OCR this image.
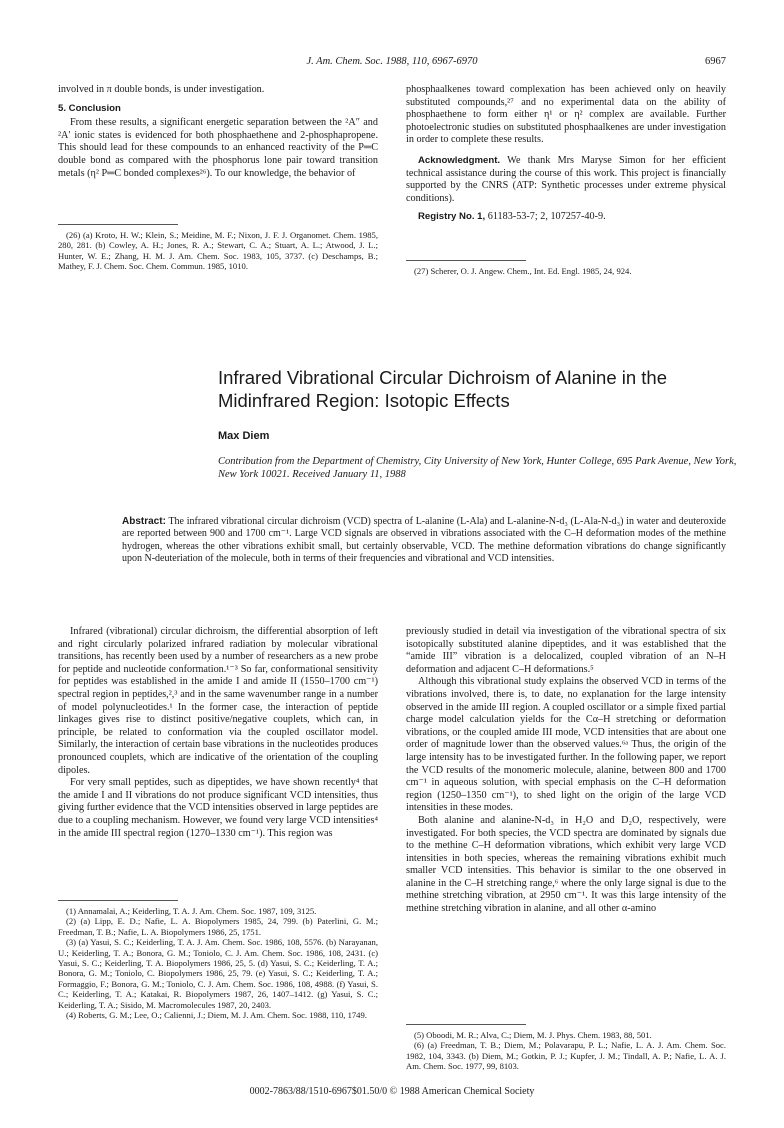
J. Am. Chem. Soc. 1988, 110, 6967-6970	6967

involved in π double bonds, is under investigation.

5. Conclusion

From these results, a significant energetic separation between the ²A″ and ²A′ ionic states is evidenced for both phosphaethene and 2-phosphapropene. This should lead for these compounds to an enhanced reactivity of the P═C double bond as compared with the phosphorus lone pair toward transition metals (η² P═C bonded complexes²⁶). To our knowledge, the behavior of

(26) (a) Kroto, H. W.; Klein, S.; Meidine, M. F.; Nixon, J. F. J. Organomet. Chem. 1985, 280, 281. (b) Cowley, A. H.; Jones, R. A.; Stewart, C. A.; Stuart, A. L.; Atwood, J. L.; Hunter, W. E.; Zhang, H. M. J. Am. Chem. Soc. 1983, 105, 3737. (c) Deschamps, B.; Mathey, F. J. Chem. Soc. Chem. Commun. 1985, 1010.

phosphaalkenes toward complexation has been achieved only on heavily substituted compounds,²⁷ and no experimental data on the ability of phosphaethene to form either η¹ or η² complex are available. Further photoelectronic studies on substituted phosphaalkenes are under investigation in order to complete these results.

Acknowledgment. We thank Mrs Maryse Simon for her efficient technical assistance during the course of this work. This project is financially supported by the CNRS (ATP: Synthetic processes under extreme physical conditions).

Registry No. 1, 61183-53-7; 2, 107257-40-9.

(27) Scherer, O. J. Angew. Chem., Int. Ed. Engl. 1985, 24, 924.

Infrared Vibrational Circular Dichroism of Alanine in the Midinfrared Region: Isotopic Effects
Max Diem
Contribution from the Department of Chemistry, City University of New York, Hunter College, 695 Park Avenue, New York, New York 10021. Received January 11, 1988
Abstract: The infrared vibrational circular dichroism (VCD) spectra of L-alanine (L-Ala) and L-alanine-N-d₃ (L-Ala-N-d₃) in water and deuteroxide are reported between 900 and 1700 cm⁻¹. Large VCD signals are observed in vibrations associated with the C–H deformation modes of the methine hydrogen, whereas the other vibrations exhibit small, but certainly observable, VCD. The methine deformation vibrations do change significantly upon N-deuteriation of the molecule, both in terms of their frequencies and vibrational and VCD intensities.

Infrared (vibrational) circular dichroism, the differential absorption of left and right circularly polarized infrared radiation by molecular vibrational transitions, has recently been used by a number of researchers as a new probe for peptide and nucleotide conformation.¹⁻³ So far, conformational sensitivity for peptides was established in the amide I and amide II (1550–1700 cm⁻¹) spectral region in peptides,²,³ and in the same wavenumber range in a number of model polynucleotides.¹ In the former case, the interaction of peptide linkages gives rise to distinct positive/negative couplets, which can, in principle, be related to conformation via the coupled oscillator model. Similarly, the interaction of certain base vibrations in the nucleotides produces pronounced couplets, which are indicative of the orientation of the coupling dipoles.

For very small peptides, such as dipeptides, we have shown recently⁴ that the amide I and II vibrations do not produce significant VCD intensities, thus giving further evidence that the VCD intensities observed in large peptides are due to a coupling mechanism. However, we found very large VCD intensities⁴ in the amide III spectral region (1270–1330 cm⁻¹). This region was

(1) Annamalai, A.; Keiderling, T. A. J. Am. Chem. Soc. 1987, 109, 3125.

(2) (a) Lipp, E. D.; Nafie, L. A. Biopolymers 1985, 24, 799. (b) Paterlini, G. M.; Freedman, T. B.; Nafie, L. A. Biopolymers 1986, 25, 1751.

(3) (a) Yasui, S. C.; Keiderling, T. A. J. Am. Chem. Soc. 1986, 108, 5576. (b) Narayanan, U.; Keiderling, T. A.; Bonora, G. M.; Toniolo, C. J. Am. Chem. Soc. 1986, 108, 2431. (c) Yasui, S. C.; Keiderling, T. A. Biopolymers 1986, 25, 5. (d) Yasui, S. C.; Keiderling, T. A.; Bonora, G. M.; Toniolo, C. Biopolymers 1986, 25, 79. (e) Yasui, S. C.; Keiderling, T. A.; Formaggio, F.; Bonora, G. M.; Toniolo, C. J. Am. Chem. Soc. 1986, 108, 4988. (f) Yasui, S. C.; Keiderling, T. A.; Katakai, R. Biopolymers 1987, 26, 1407–1412. (g) Yasui, S. C.; Keiderling, T. A.; Sisido, M. Macromolecules 1987, 20, 2403.

(4) Roberts, G. M.; Lee, O.; Calienni, J.; Diem, M. J. Am. Chem. Soc. 1988, 110, 1749.

previously studied in detail via investigation of the vibrational spectra of six isotopically substituted alanine dipeptides, and it was established that the “amide III” vibration is a delocalized, coupled vibration of an N–H deformation and adjacent C–H deformations.⁵

Although this vibrational study explains the observed VCD in terms of the vibrations involved, there is, to date, no explanation for the large intensity observed in the amide III region. A coupled oscillator or a simple fixed partial charge model calculation yields for the Cα–H stretching or deformation vibrations, or the coupled amide III mode, VCD intensities that are about one order of magnitude lower than the observed values.⁶ᵃ Thus, the origin of the large intensity has to be investigated further. In the following paper, we report the VCD results of the monomeric molecule, alanine, between 800 and 1700 cm⁻¹ in aqueous solution, with special emphasis on the C–H deformation region (1250–1350 cm⁻¹), to shed light on the origin of the large VCD intensities in these modes.

Both alanine and alanine-N-d₃ in H₂O and D₂O, respectively, were investigated. For both species, the VCD spectra are dominated by signals due to the methine C–H deformation vibrations, which exhibit very large VCD intensities in both species, whereas the remaining vibrations exhibit much smaller VCD intensities. This behavior is similar to the one observed in alanine in the C–H stretching range,⁶ where the only large signal is due to the methine stretching vibration, at 2950 cm⁻¹. It was this large intensity of the methine stretching vibration in alanine, and all other α-amino

(5) Oboodi, M. R.; Alva, C.; Diem, M. J. Phys. Chem. 1983, 88, 501.

(6) (a) Freedman, T. B.; Diem, M.; Polavarapu, P. L.; Nafie, L. A. J. Am. Chem. Soc. 1982, 104, 3343. (b) Diem, M.; Gotkin, P. J.; Kupfer, J. M.; Tindall, A. P.; Nafie, L. A. J. Am. Chem. Soc. 1977, 99, 8103.

0002-7863/88/1510-6967$01.50/0 © 1988 American Chemical Society
